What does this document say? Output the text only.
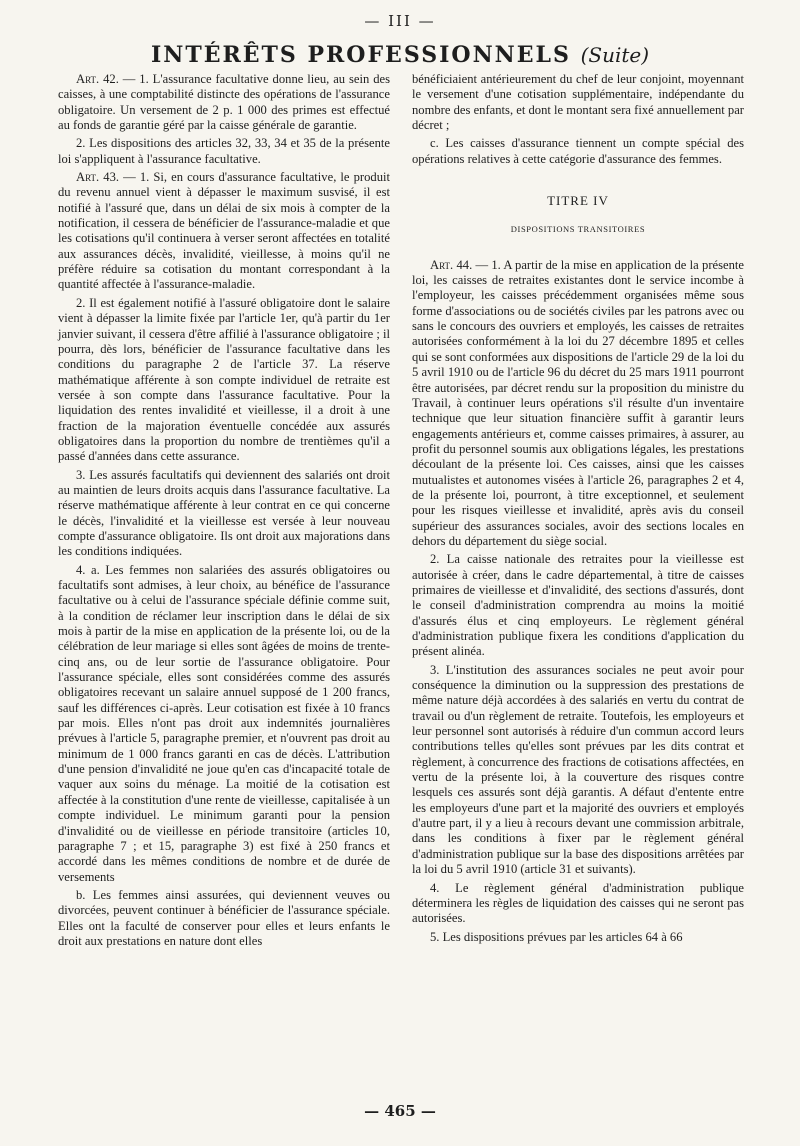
— III —
INTÉRÊTS PROFESSIONNELS (Suite)

Art. 42. — 1. L'assurance facultative donne lieu, au sein des caisses, à une comptabilité distincte des opérations de l'assurance obligatoire. Un versement de 2 p. 1 000 des primes est effectué au fonds de garantie géré par la caisse générale de garantie.

2. Les dispositions des articles 32, 33, 34 et 35 de la présente loi s'appliquent à l'assurance facultative.

Art. 43. — 1. Si, en cours d'assurance facultative, le produit du revenu annuel vient à dépasser le maximum susvisé, il est notifié à l'assuré que, dans un délai de six mois à compter de la notification, il cessera de bénéficier de l'assurance-maladie et que les cotisations qu'il continuera à verser seront affectées en totalité aux assurances décès, invalidité, vieillesse, à moins qu'il ne préfère réduire sa cotisation du montant correspondant à la quantité affectée à l'assurance-maladie.

2. Il est également notifié à l'assuré obligatoire dont le salaire vient à dépasser la limite fixée par l'article 1er, qu'à partir du 1er janvier suivant, il cessera d'être affilié à l'assurance obligatoire ; il pourra, dès lors, bénéficier de l'assurance facultative dans les conditions du paragraphe 2 de l'article 37. La réserve mathématique afférente à son compte individuel de retraite est versée à son compte dans l'assurance facultative. Pour la liquidation des rentes invalidité et vieillesse, il a droit à une fraction de la majoration éventuelle concédée aux assurés obligatoires dans la proportion du nombre de trentièmes qu'il a passé d'années dans cette assurance.

3. Les assurés facultatifs qui deviennent des salariés ont droit au maintien de leurs droits acquis dans l'assurance facultative. La réserve mathématique afférente à leur contrat en ce qui concerne le décès, l'invalidité et la vieillesse est versée à leur nouveau compte d'assurance obligatoire. Ils ont droit aux majorations dans les conditions indiquées.

4. a. Les femmes non salariées des assurés obligatoires ou facultatifs sont admises, à leur choix, au bénéfice de l'assurance facultative ou à celui de l'assurance spéciale définie comme suit, à la condition de réclamer leur inscription dans le délai de six mois à partir de la mise en application de la présente loi, ou de la célébration de leur mariage si elles sont âgées de moins de trente-cinq ans, ou de leur sortie de l'assurance obligatoire. Pour l'assurance spéciale, elles sont considérées comme des assurés obligatoires recevant un salaire annuel supposé de 1 200 francs, sauf les différences ci-après. Leur cotisation est fixée à 10 francs par mois. Elles n'ont pas droit aux indemnités journalières prévues à l'article 5, paragraphe premier, et n'ouvrent pas droit au minimum de 1 000 francs garanti en cas de décès. L'attribution d'une pension d'invalidité ne joue qu'en cas d'incapacité totale de vaquer aux soins du ménage. La moitié de la cotisation est affectée à la constitution d'une rente de vieillesse, capitalisée à un compte individuel. Le minimum garanti pour la pension d'invalidité ou de vieillesse en période transitoire (articles 10, paragraphe 7 ; et 15, paragraphe 3) est fixé à 250 francs et accordé dans les mêmes conditions de nombre et de durée de versements

b. Les femmes ainsi assurées, qui deviennent veuves ou divorcées, peuvent continuer à bénéficier de l'assurance spéciale. Elles ont la faculté de conserver pour elles et leurs enfants le droit aux prestations en nature dont elles

bénéficiaient antérieurement du chef de leur conjoint, moyennant le versement d'une cotisation supplémentaire, indépendante du nombre des enfants, et dont le montant sera fixé annuellement par décret ;

c. Les caisses d'assurance tiennent un compte spécial des opérations relatives à cette catégorie d'assurance des femmes.

TITRE IV
DISPOSITIONS TRANSITOIRES

Art. 44. — 1. A partir de la mise en application de la présente loi, les caisses de retraites existantes dont le service incombe à l'employeur, les caisses précédemment organisées même sous forme d'associations ou de sociétés civiles par les patrons avec ou sans le concours des ouvriers et employés, les caisses de retraites autorisées conformément à la loi du 27 décembre 1895 et celles qui se sont conformées aux dispositions de l'article 29 de la loi du 5 avril 1910 ou de l'article 96 du décret du 25 mars 1911 pourront être autorisées, par décret rendu sur la proposition du ministre du Travail, à continuer leurs opérations s'il résulte d'un inventaire technique que leur situation financière suffit à garantir leurs engagements antérieurs et, comme caisses primaires, à assurer, au profit du personnel soumis aux obligations légales, les prestations découlant de la présente loi. Ces caisses, ainsi que les caisses mutualistes et autonomes visées à l'article 26, paragraphes 2 et 4, de la présente loi, pourront, à titre exceptionnel, et seulement pour les risques vieillesse et invalidité, après avis du conseil supérieur des assurances sociales, avoir des sections locales en dehors du département du siège social.

2. La caisse nationale des retraites pour la vieillesse est autorisée à créer, dans le cadre départemental, à titre de caisses primaires de vieillesse et d'invalidité, des sections d'assurés, dont le conseil d'administration comprendra au moins la moitié d'assurés élus et cinq employeurs. Le règlement général d'administration publique fixera les conditions d'application du présent alinéa.

3. L'institution des assurances sociales ne peut avoir pour conséquence la diminution ou la suppression des prestations de même nature déjà accordées à des salariés en vertu du contrat de travail ou d'un règlement de retraite. Toutefois, les employeurs et leur personnel sont autorisés à réduire d'un commun accord leurs contributions telles qu'elles sont prévues par les dits contrat et règlement, à concurrence des fractions de cotisations affectées, en vertu de la présente loi, à la couverture des risques contre lesquels ces assurés sont déjà garantis. A défaut d'entente entre les employeurs d'une part et la majorité des ouvriers et employés d'autre part, il y a lieu à recours devant une commission arbitrale, dans les conditions à fixer par le règlement général d'administration publique sur la base des dispositions arrêtées par la loi du 5 avril 1910 (article 31 et suivants).

4. Le règlement général d'administration publique déterminera les règles de liquidation des caisses qui ne seront pas autorisées.

5. Les dispositions prévues par les articles 64 à 66

— 465 —
